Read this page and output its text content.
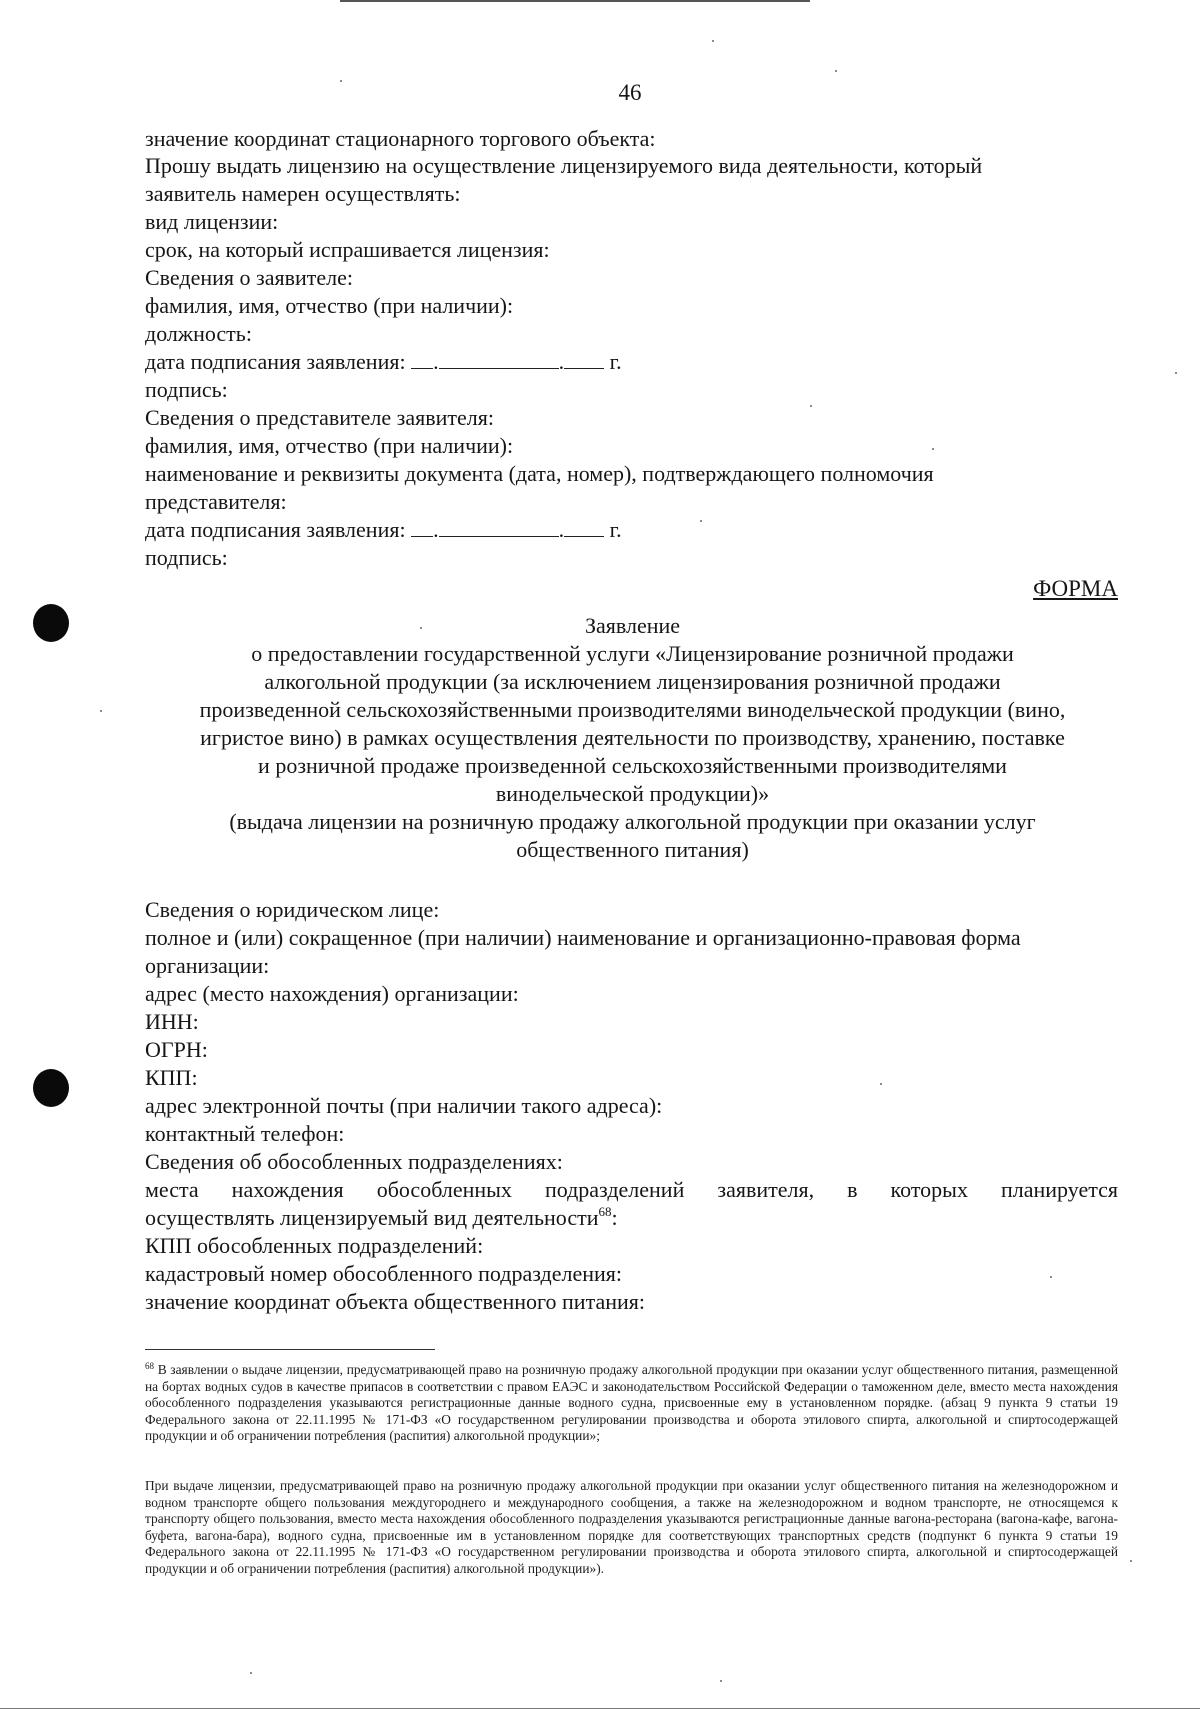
46
значение координат стационарного торгового объекта:
Прошу выдать лицензию на осуществление лицензируемого вида деятельности, который
заявитель намерен осуществлять:
вид лицензии:
срок, на который испрашивается лицензия:
Сведения о заявителе:
фамилия, имя, отчество (при наличии):
должность:
дата подписания заявления: .	. г.
подпись:
Сведения о представителе заявителя:
фамилия, имя, отчество (при наличии):
наименование и реквизиты документа (дата, номер), подтверждающего полномочия
представителя:
дата подписания заявления: .	. г.
подпись:
ФОРМА
Заявление
о предоставлении государственной услуги «Лицензирование розничной продажи
алкогольной продукции (за исключением лицензирования розничной продажи
произведенной сельскохозяйственными производителями винодельческой продукции (вино,
игристое вино) в рамках осуществления деятельности по производству, хранению, поставке
и розничной продаже произведенной сельскохозяйственными производителями
винодельческой продукции)»
(выдача лицензии на розничную продажу алкогольной продукции при оказании услуг
общественного питания)
Сведения о юридическом лице:
полное и (или) сокращенное (при наличии) наименование и организационно-правовая форма
организации:
адрес (место нахождения) организации:
ИНН:
ОГРН:
КПП:
адрес электронной почты (при наличии такого адреса):
контактный телефон:
Сведения об обособленных подразделениях:
места нахождения обособленных подразделений заявителя, в которых планируется
осуществлять лицензируемый вид деятельности$^{68}$:
КПП обособленных подразделений:
кадастровый номер обособленного подразделения:
значение координат объекта общественного питания:
$^{68}$ В заявлении о выдаче лицензии, предусматривающей право на розничную продажу алкогольной продукции при оказании услуг общественного питания, размещенной на бортах водных судов в качестве припасов в соответствии с правом ЕАЭС и законодательством Российской Федерации о таможенном деле, вместо места нахождения обособленного подразделения указываются регистрационные данные водного судна, присвоенные ему в установленном порядке. (абзац 9 пункта 9 статьи 19 Федерального закона от 22.11.1995 № 171-ФЗ «О государственном регулировании производства и оборота этилового спирта, алкогольной и спиртосодержащей продукции и об ограничении потребления (распития) алкогольной продукции»;
При выдаче лицензии, предусматривающей право на розничную продажу алкогольной продукции при оказании услуг общественного питания на железнодорожном и водном транспорте общего пользования междугороднего и международного сообщения, а также на железнодорожном и водном транспорте, не относящемся к транспорту общего пользования, вместо места нахождения обособленного подразделения указываются регистрационные данные вагона-ресторана (вагона-кафе, вагона-буфета, вагона-бара), водного судна, присвоенные им в установленном порядке для соответствующих транспортных средств (подпункт 6 пункта 9 статьи 19 Федерального закона от 22.11.1995 № 171-ФЗ «О государственном регулировании производства и оборота этилового спирта, алкогольной и спиртосодержащей продукции и об ограничении потребления (распития) алкогольной продукции»).
